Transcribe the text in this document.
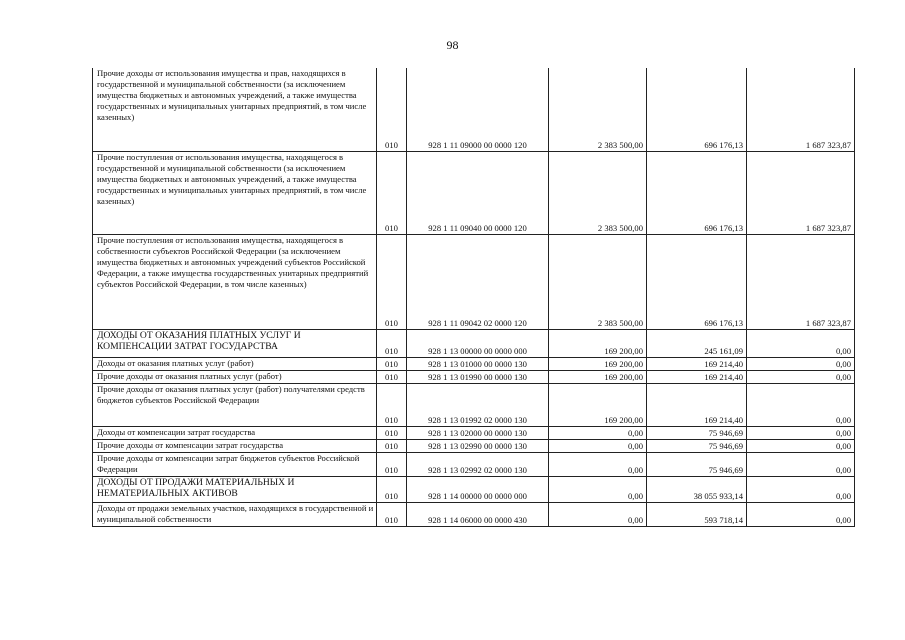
98
Прочие доходы от использования имущества и прав, находящихся в государственной и муниципальной собственности (за исключением имущества бюджетных и автономных учреждений, а также имущества государственных и муниципальных унитарных предприятий, в том числе казенных)	010	928 1 11 09000 00 0000 120	2 383 500,00	696 176,13	1 687 323,87
Прочие поступления от использования имущества, находящегося в государственной и муниципальной собственности (за исключением имущества бюджетных и автономных учреждений, а также имущества государственных и муниципальных унитарных предприятий, в том числе казенных)	010	928 1 11 09040 00 0000 120	2 383 500,00	696 176,13	1 687 323,87
Прочие поступления от использования имущества, находящегося в собственности субъектов Российской Федерации (за исключением имущества бюджетных и автономных учреждений субъектов Российской Федерации, а также имущества государственных унитарных предприятий субъектов Российской Федерации, в том числе казенных)	010	928 1 11 09042 02 0000 120	2 383 500,00	696 176,13	1 687 323,87
ДОХОДЫ ОТ ОКАЗАНИЯ ПЛАТНЫХ УСЛУГ И КОМПЕНСАЦИИ ЗАТРАТ ГОСУДАРСТВА	010	928 1 13 00000 00 0000 000	169 200,00	245 161,09	0,00
Доходы от оказания платных услуг (работ)	010	928 1 13 01000 00 0000 130	169 200,00	169 214,40	0,00
Прочие доходы от оказания платных услуг (работ)	010	928 1 13 01990 00 0000 130	169 200,00	169 214,40	0,00
Прочие доходы от оказания платных услуг (работ) получателями средств бюджетов субъектов Российской Федерации	010	928 1 13 01992 02 0000 130	169 200,00	169 214,40	0,00
Доходы от компенсации затрат государства	010	928 1 13 02000 00 0000 130	0,00	75 946,69	0,00
Прочие доходы от компенсации затрат государства	010	928 1 13 02990 00 0000 130	0,00	75 946,69	0,00
Прочие доходы от компенсации затрат бюджетов субъектов Российской Федерации	010	928 1 13 02992 02 0000 130	0,00	75 946,69	0,00
ДОХОДЫ ОТ ПРОДАЖИ МАТЕРИАЛЬНЫХ И НЕМАТЕРИАЛЬНЫХ АКТИВОВ	010	928 1 14 00000 00 0000 000	0,00	38 055 933,14	0,00
Доходы от продажи земельных участков, находящихся в государственной и муниципальной собственности	010	928 1 14 06000 00 0000 430	0,00	593 718,14	0,00
